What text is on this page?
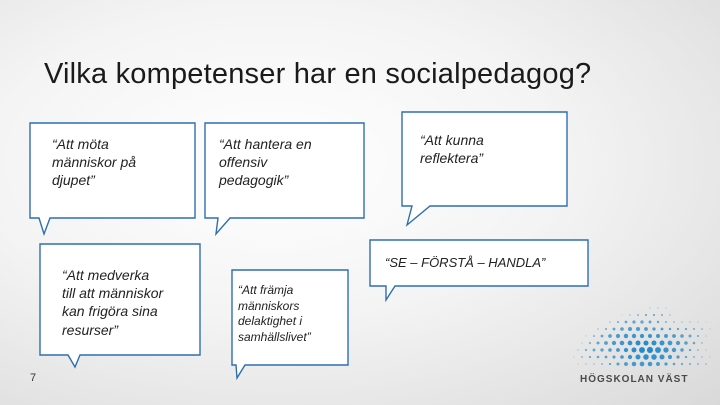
Vilka kompetenser har en socialpedagog?
“Att möta
människor på
djupet”
“Att hantera en
offensiv
pedagogik”
“Att kunna
reflektera”
“Att medverka
till att människor
kan frigöra sina
resurser”
“Att främja
människors
delaktighet i
samhällslivet”
“SE – FÖRSTÅ – HANDLA”
7	HÖGSKOLAN VÄST
